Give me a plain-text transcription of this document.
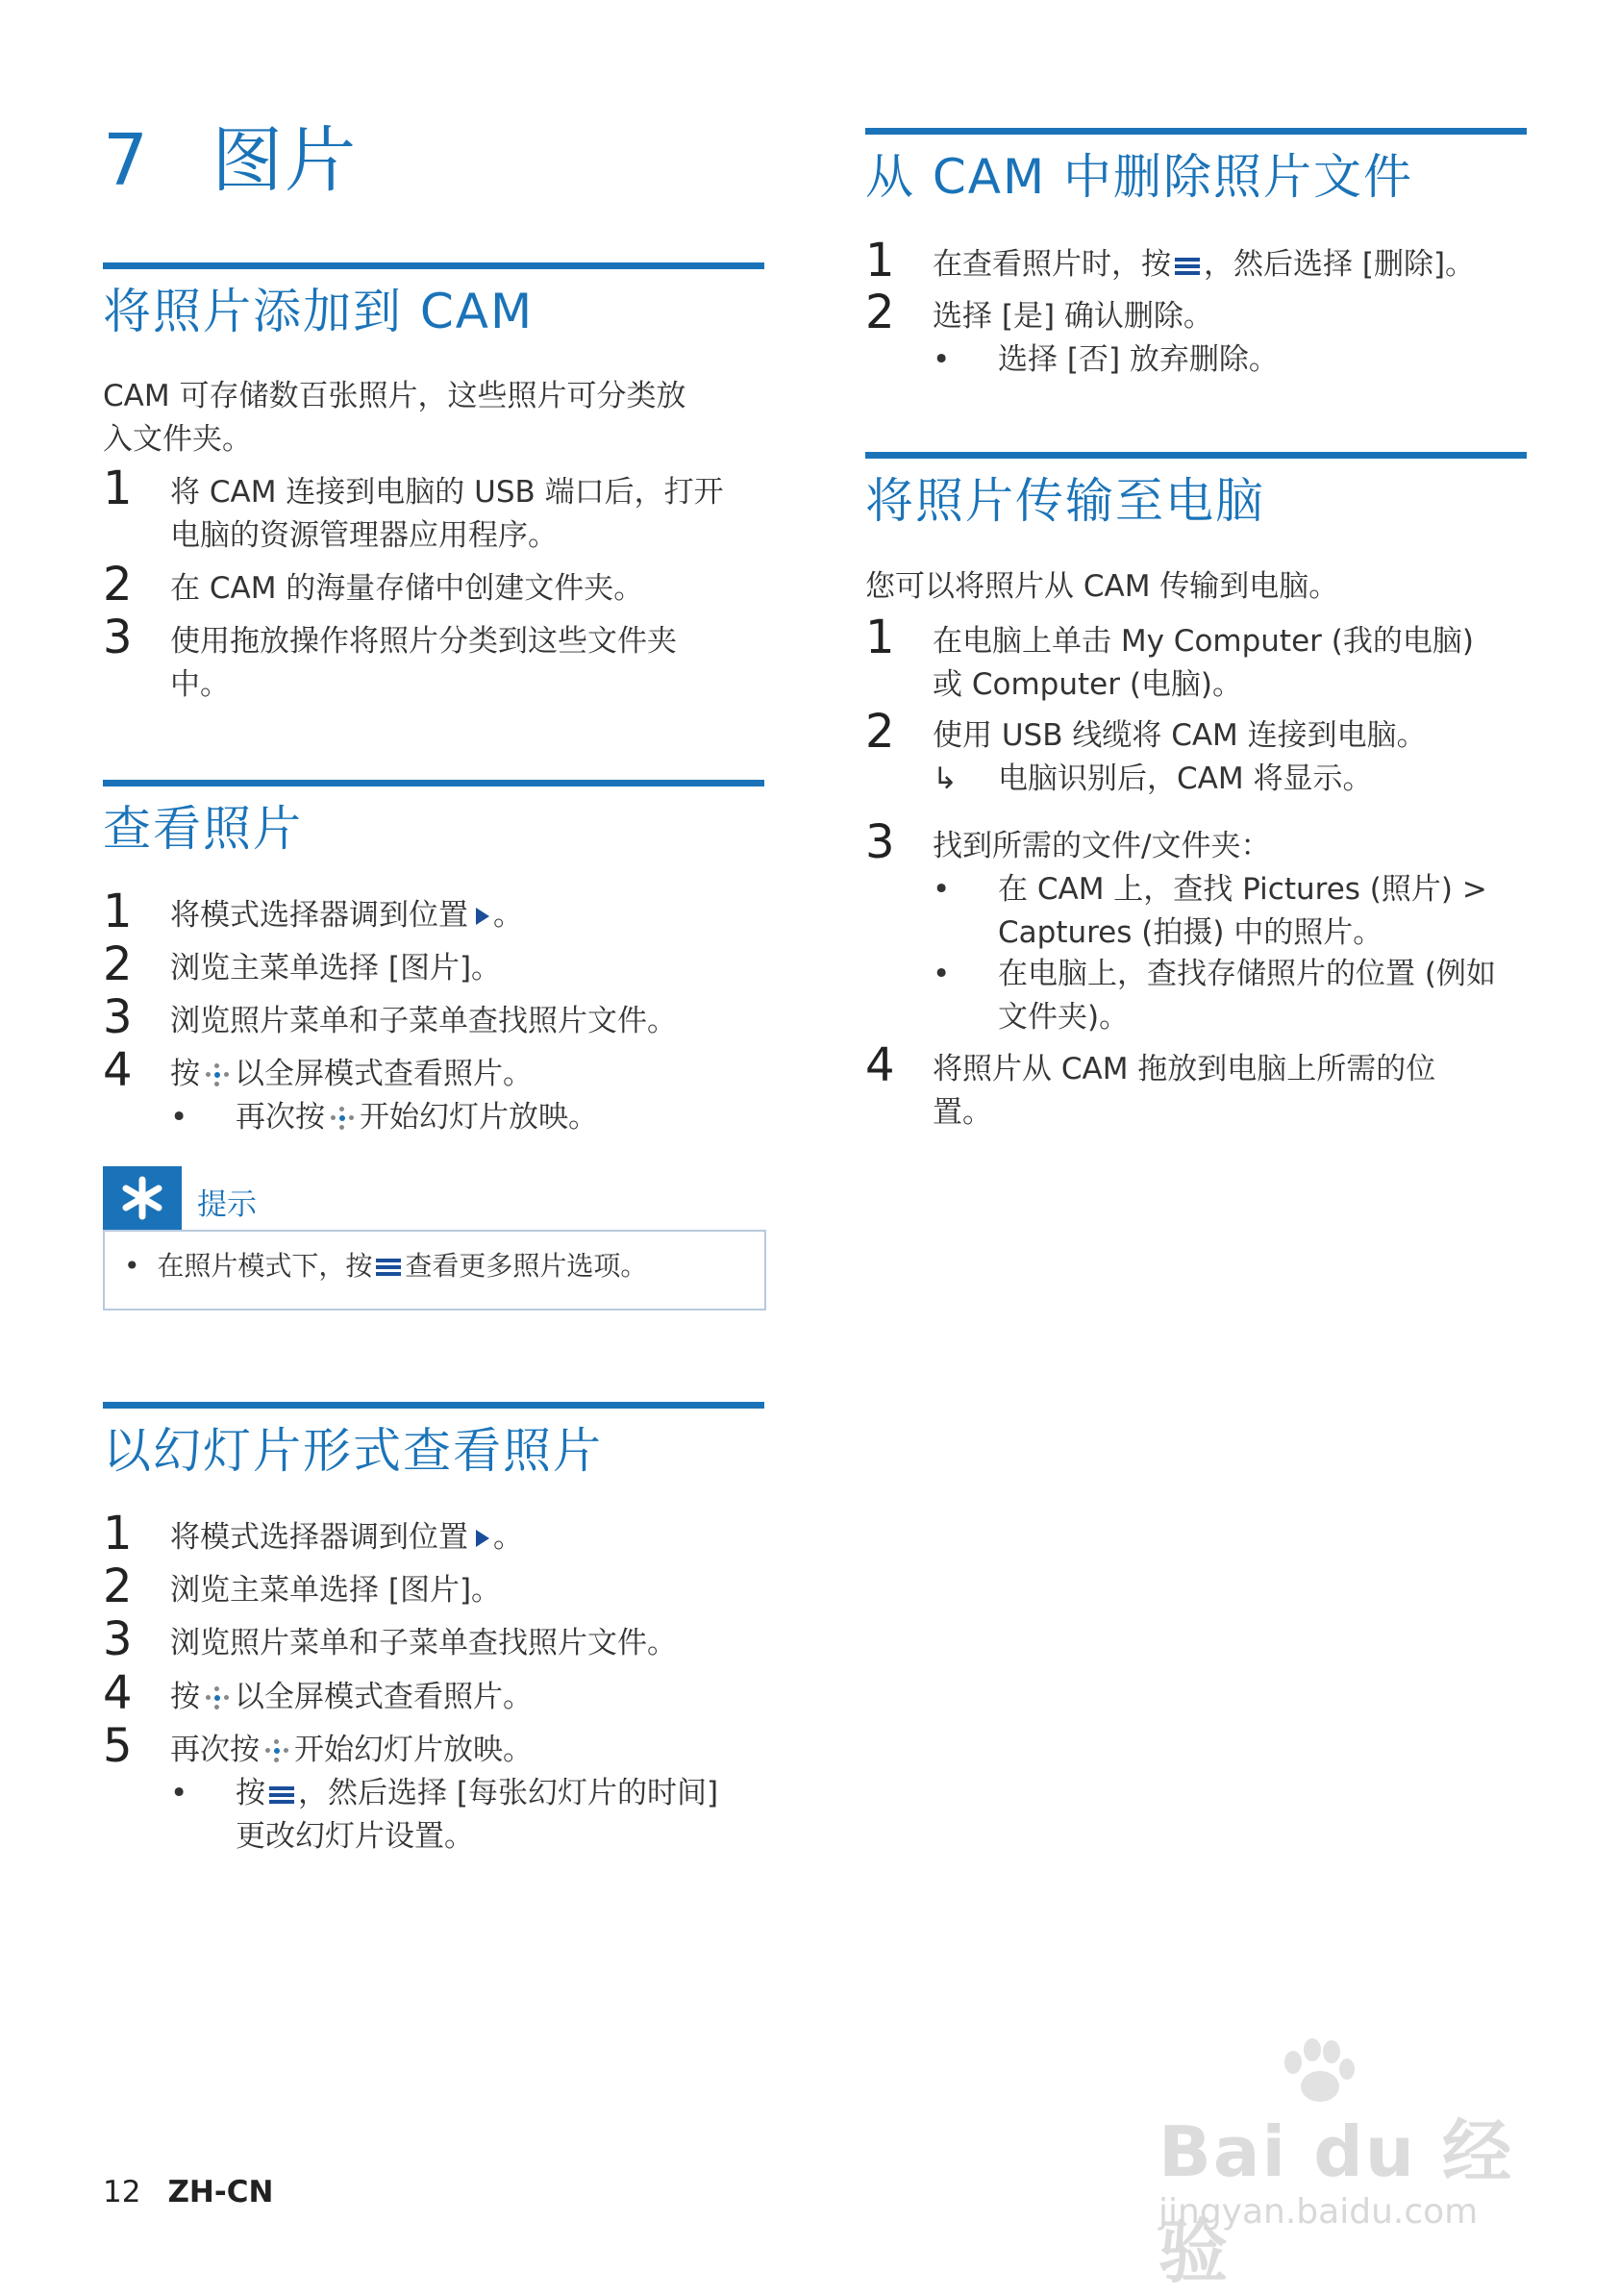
7 图片
将照片添加到 CAM
CAM 可存储数百张照片，这些照片可分类放
入文件夹。
1 将 CAM 连接到电脑的 USB 端口后，打开
电脑的资源管理器应用程序。
2 在 CAM 的海量存储中创建文件夹。
3 使用拖放操作将照片分类到这些文件夹
中。
查看照片
1 将模式选择器调到位置 。
2 浏览主菜单选择 [图片]。
3 浏览照片菜单和子菜单查找照片文件。
4 按 以全屏模式查看照片。
• 再次按 开始幻灯片放映。
提示
• 在照片模式下，按 查看更多照片选项。
以幻灯片形式查看照片
1 将模式选择器调到位置 。
2 浏览主菜单选择 [图片]。
3 浏览照片菜单和子菜单查找照片文件。
4 按 以全屏模式查看照片。
5 再次按 开始幻灯片放映。
• 按 ，然后选择 [每张幻灯片的时间]
更改幻灯片设置。
从 CAM 中删除照片文件
1 在查看照片时，按 ，然后选择 [删除]。
2 选择 [是] 确认删除。
• 选择 [否] 放弃删除。
将照片传输至电脑
您可以将照片从 CAM 传输到电脑。
1 在电脑上单击 My Computer (我的电脑)
或 Computer (电脑)。
2 使用 USB 线缆将 CAM 连接到电脑。
↳ 电脑识别后，CAM 将显示。
3 找到所需的文件/文件夹：
• 在 CAM 上，查找 Pictures (照片) >
Captures (拍摄) 中的照片。
• 在电脑上，查找存储照片的位置 (例如
文件夹)。
4 将照片从 CAM 拖放到电脑上所需的位
置。
12 ZH-CN	Bai du 经验
jingyan.baidu.com
